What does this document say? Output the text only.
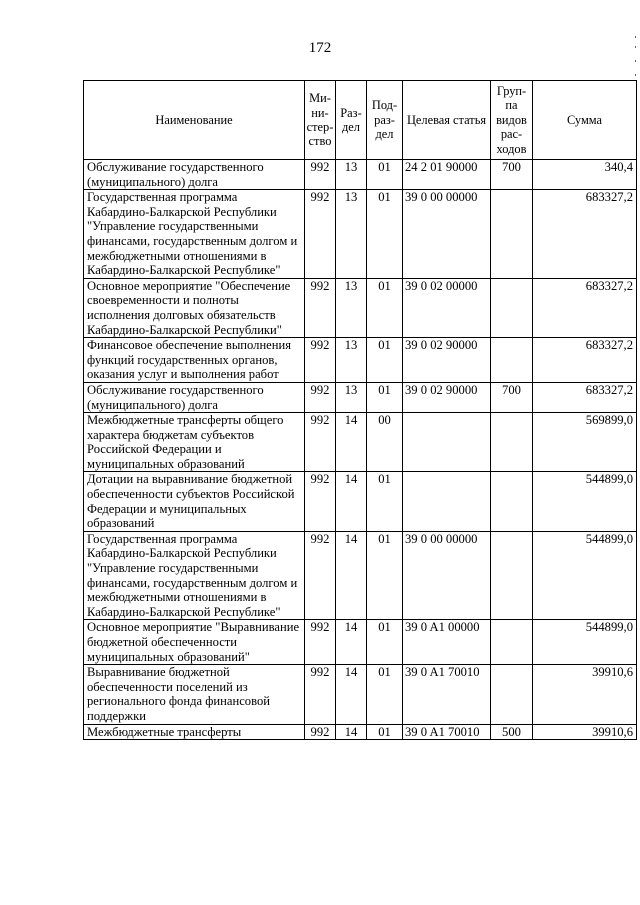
172
Наименование	Ми- ни- стер- ство	Раз- дел	Под- раз- дел	Целевая статья	Груп- па видов рас- ходов	Сумма
Обслуживание государственного (муниципального) долга	992	13	01	24 2 01 90000	700	340,4
Государственная программа Кабардино-Балкарской Республики "Управление государственными финансами, государственным долгом и межбюджетными отношениями в Кабардино-Балкарской Республике"	992	13	01	39 0 00 00000		683327,2
Основное мероприятие "Обеспечение своевременности и полноты исполнения долговых обязательств Кабардино-Балкарской Республики"	992	13	01	39 0 02 00000		683327,2
Финансовое обеспечение выполнения функций государственных органов, оказания услуг и выполнения работ	992	13	01	39 0 02 90000		683327,2
Обслуживание государственного (муниципального) долга	992	13	01	39 0 02 90000	700	683327,2
Межбюджетные трансферты общего характера бюджетам субъектов Российской Федерации и муниципальных образований	992	14	00			569899,0
Дотации на выравнивание бюджетной обеспеченности субъектов Российской Федерации и муниципальных образований	992	14	01			544899,0
Государственная программа Кабардино-Балкарской Республики "Управление государственными финансами, государственным долгом и межбюджетными отношениями в Кабардино-Балкарской Республике"	992	14	01	39 0 00 00000		544899,0
Основное мероприятие "Выравнивание бюджетной обеспеченности муниципальных образований"	992	14	01	39 0 A1 00000		544899,0
Выравнивание бюджетной обеспеченности поселений из регионального фонда финансовой поддержки	992	14	01	39 0 A1 70010		39910,6
Межбюджетные трансферты	992	14	01	39 0 A1 70010	500	39910,6
